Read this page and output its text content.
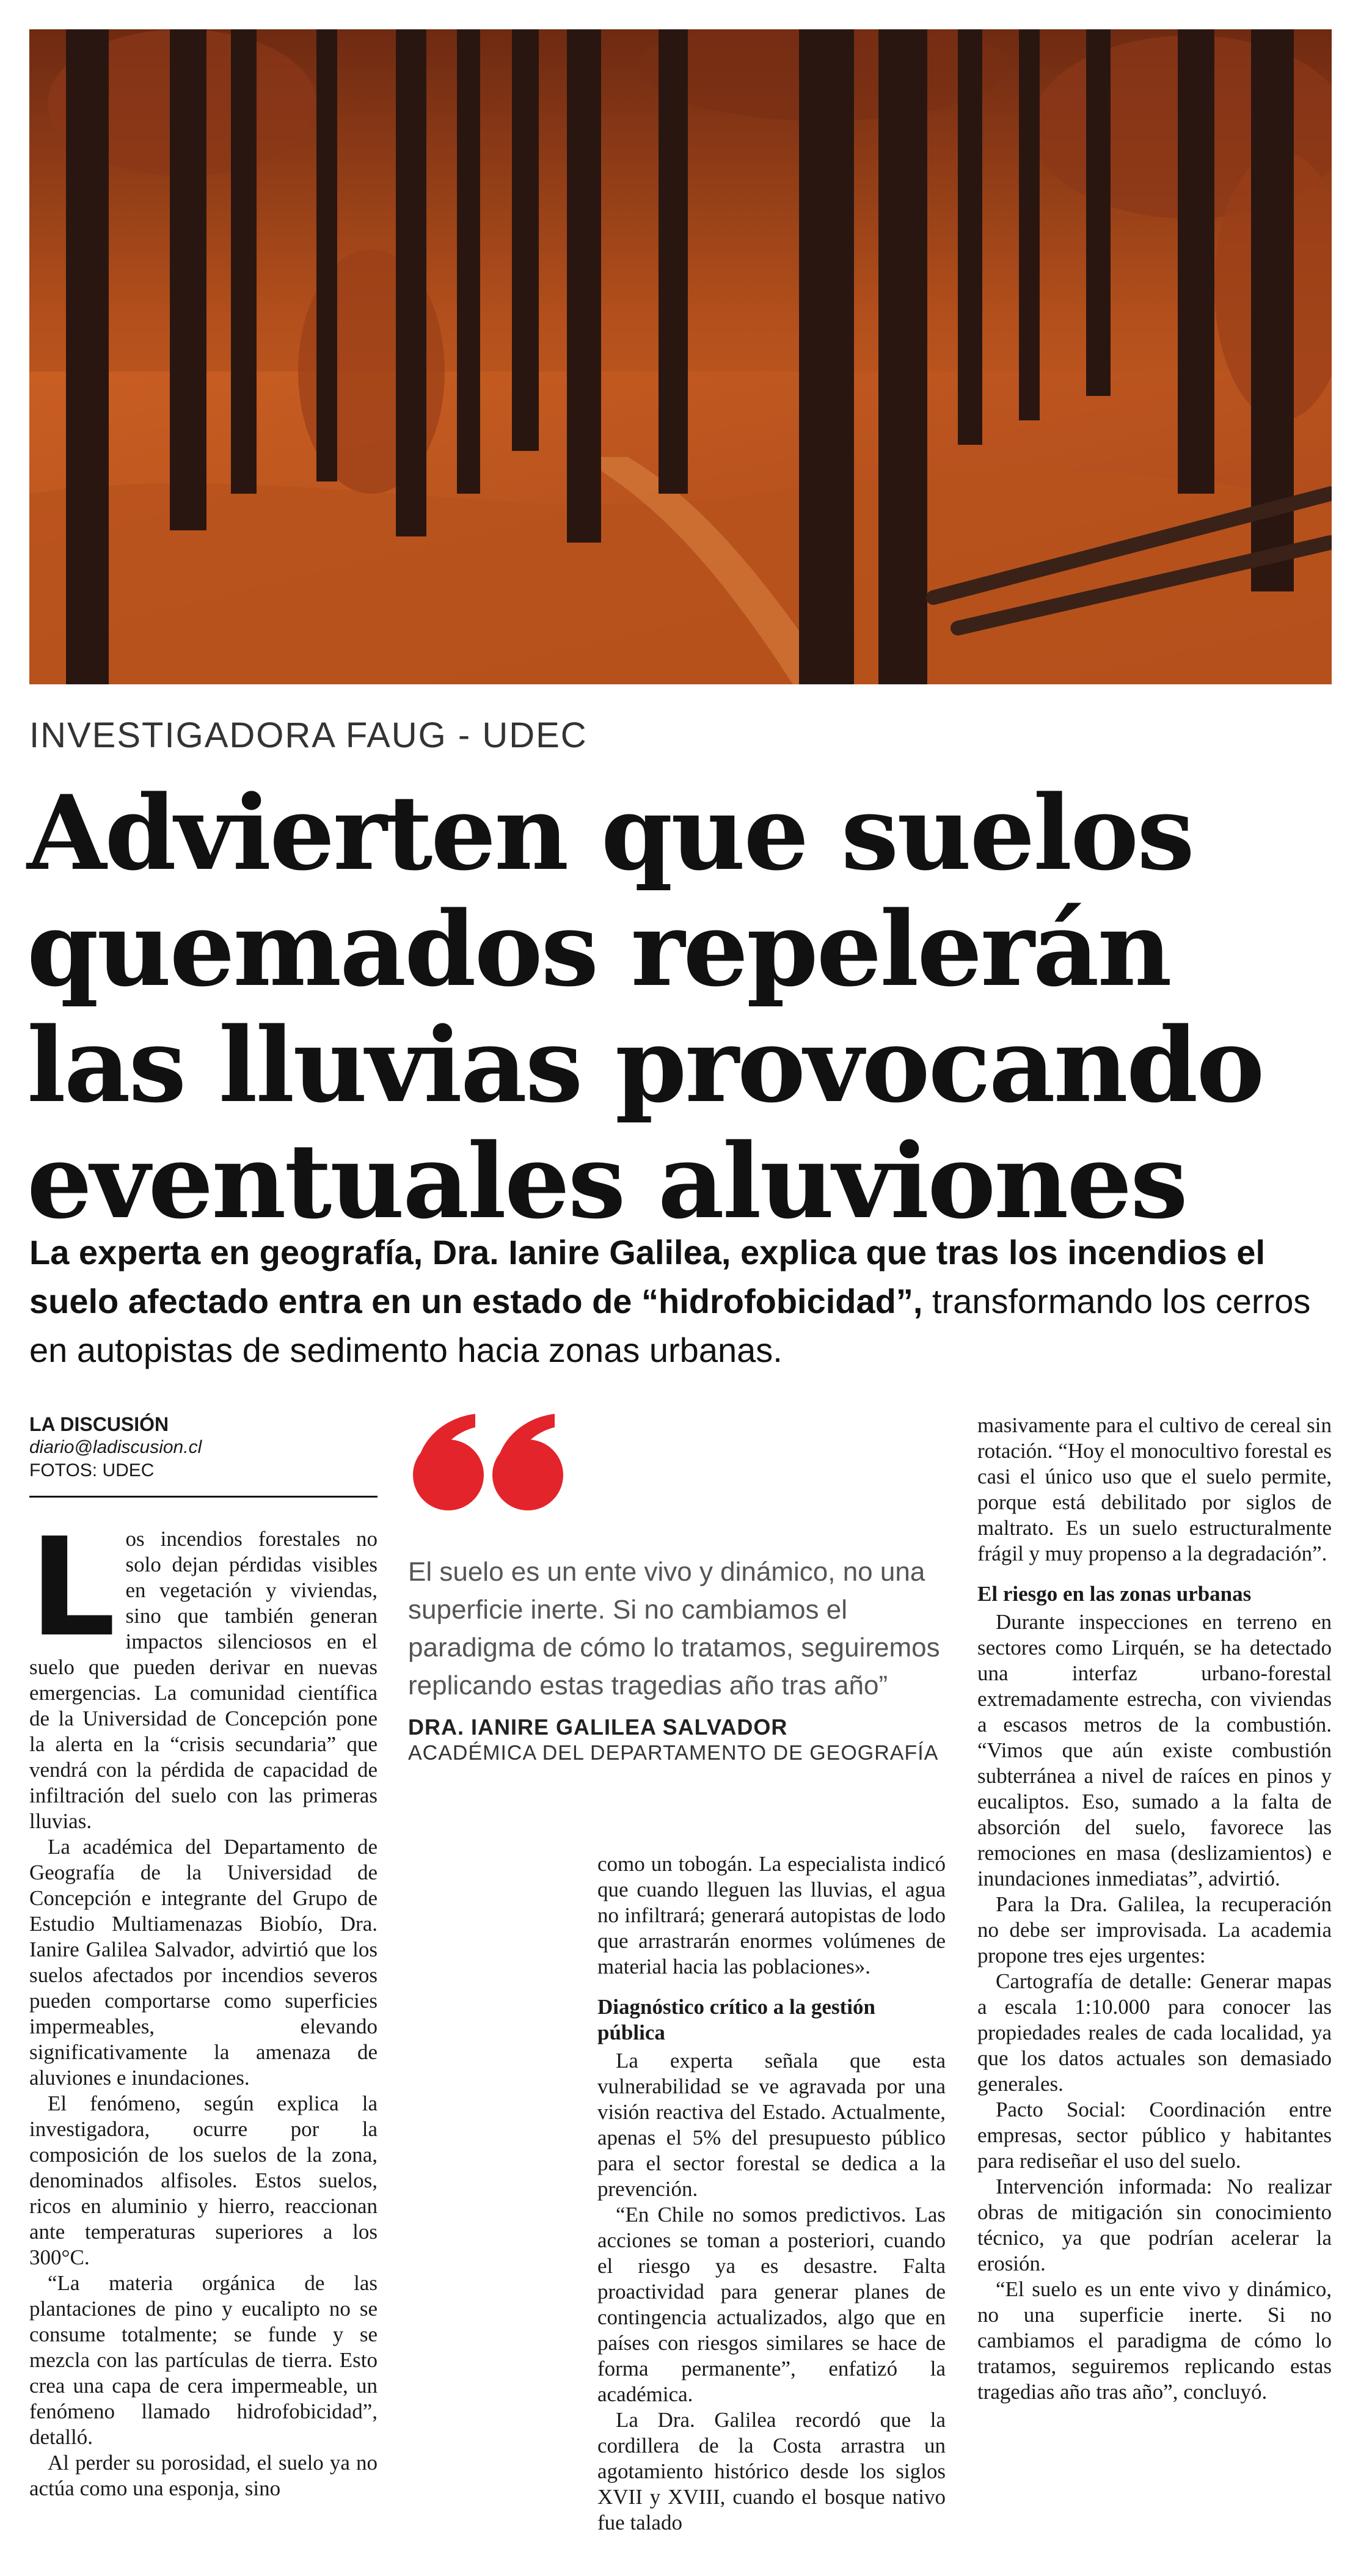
INVESTIGADORA FAUG - UDEC
Advierten que suelos
quemados repelerán
las lluvias provocando
eventuales aluviones
La experta en geografía, Dra. Ianire Galilea, explica que tras los incendios el suelo afectado entra en un estado de “hidrofobicidad”, transformando los cerros en autopistas de sedimento hacia zonas urbanas.
LA DISCUSIÓN
diario@ladiscusion.cl
FOTOS: UDEC

Los incendios forestales no solo dejan pérdidas visibles en vegetación y viviendas, sino que también generan impactos silenciosos en el suelo que pueden derivar en nuevas emergencias. La comunidad científica de la Universidad de Concepción pone la alerta en la “crisis secundaria” que vendrá con la pérdida de capacidad de infiltración del suelo con las primeras lluvias.

La académica del Departamento de Geografía de la Universidad de Concepción e integrante del Grupo de Estudio Multiamenazas Biobío, Dra. Ianire Galilea Salvador, advirtió que los suelos afectados por incendios severos pueden comportarse como superficies impermeables, elevando significativamente la amenaza de aluviones e inundaciones.

El fenómeno, según explica la investigadora, ocurre por la composición de los suelos de la zona, denominados alfisoles. Estos suelos, ricos en aluminio y hierro, reaccionan ante temperaturas superiores a los 300°C.

“La materia orgánica de las plantaciones de pino y eucalipto no se consume totalmente; se funde y se mezcla con las partículas de tierra. Esto crea una capa de cera impermeable, un fenómeno llamado hidrofobicidad”, detalló.

Al perder su porosidad, el suelo ya no actúa como una esponja, sino

El suelo es un ente vivo y dinámico, no una superficie inerte. Si no cambiamos el paradigma de cómo lo tratamos, seguiremos replicando estas tragedias año tras año”
DRA. IANIRE GALILEA SALVADOR
ACADÉMICA DEL DEPARTAMENTO DE GEOGRAFÍA

como un tobogán. La especialista indicó que cuando lleguen las lluvias, el agua no infiltrará; generará autopistas de lodo que arrastrarán enormes volúmenes de material hacia las poblaciones».

Diagnóstico crítico a la gestión pública

La experta señala que esta vulnerabilidad se ve agravada por una visión reactiva del Estado. Actualmente, apenas el 5% del presupuesto público para el sector forestal se dedica a la prevención.

“En Chile no somos predictivos. Las acciones se toman a posteriori, cuando el riesgo ya es desastre. Falta proactividad para generar planes de contingencia actualizados, algo que en países con riesgos similares se hace de forma permanente”, enfatizó la académica.

La Dra. Galilea recordó que la cordillera de la Costa arrastra un agotamiento histórico desde los siglos XVII y XVIII, cuando el bosque nativo fue talado

masivamente para el cultivo de cereal sin rotación. “Hoy el monocultivo forestal es casi el único uso que el suelo permite, porque está debilitado por siglos de maltrato. Es un suelo estructuralmente frágil y muy propenso a la degradación”.

El riesgo en las zonas urbanas

Durante inspecciones en terreno en sectores como Lirquén, se ha detectado una interfaz urbano-forestal extremadamente estrecha, con viviendas a escasos metros de la combustión. “Vimos que aún existe combustión subterránea a nivel de raíces en pinos y eucaliptos. Eso, sumado a la falta de absorción del suelo, favorece las remociones en masa (deslizamientos) e inundaciones inmediatas”, advirtió.

Para la Dra. Galilea, la recuperación no debe ser improvisada. La academia propone tres ejes urgentes:

Cartografía de detalle: Generar mapas a escala 1:10.000 para conocer las propiedades reales de cada localidad, ya que los datos actuales son demasiado generales.

Pacto Social: Coordinación entre empresas, sector público y habitantes para rediseñar el uso del suelo.

Intervención informada: No realizar obras de mitigación sin conocimiento técnico, ya que podrían acelerar la erosión.

“El suelo es un ente vivo y dinámico, no una superficie inerte. Si no cambiamos el paradigma de cómo lo tratamos, seguiremos replicando estas tragedias año tras año”, concluyó.
